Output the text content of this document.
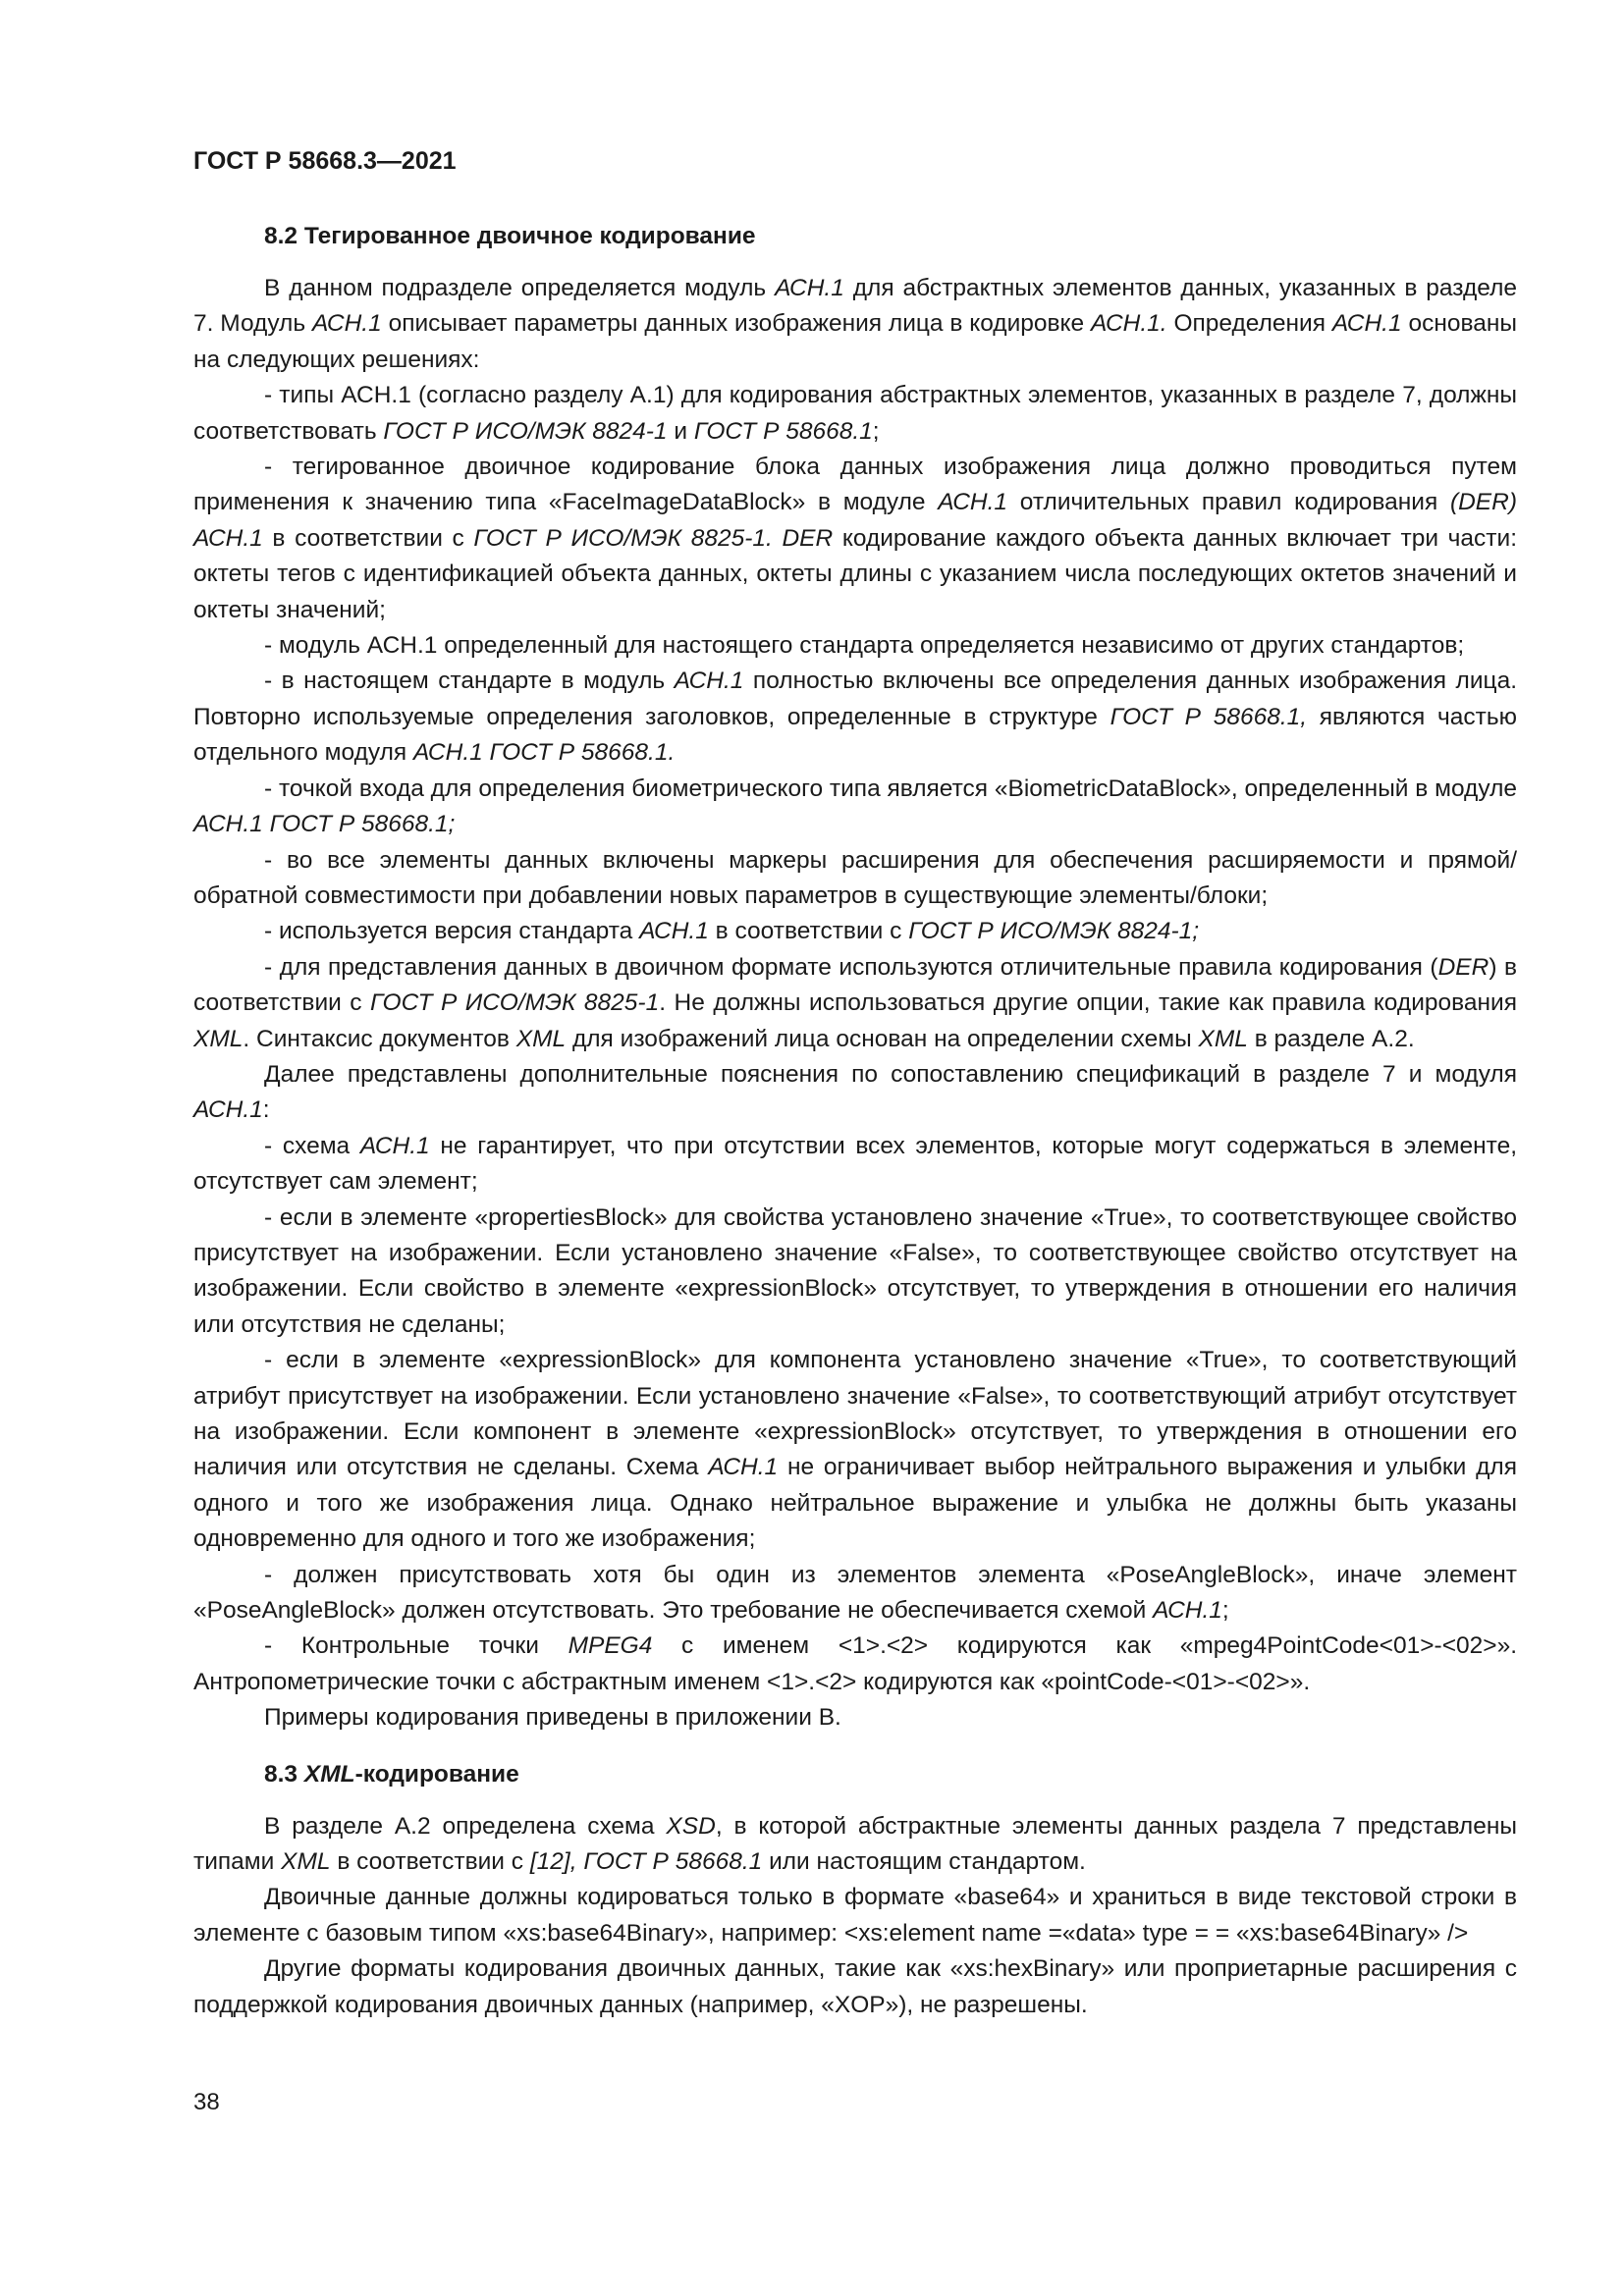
ГОСТ Р 58668.3—2021

8.2 Тегированное двоичное кодирование

В данном подразделе определяется модуль АСН.1 для абстрактных элементов данных, указанных в разделе 7. Модуль АСН.1 описывает параметры данных изображения лица в кодировке АСН.1. Определения АСН.1 основаны на следующих решениях:

- типы АСН.1 (согласно разделу А.1) для кодирования абстрактных элементов, указанных в разделе 7, должны соответствовать ГОСТ Р ИСО/МЭК 8824-1 и ГОСТ Р 58668.1;

- тегированное двоичное кодирование блока данных изображения лица должно проводиться путем применения к значению типа «FaceImageDataBlock» в модуле АСН.1 отличительных правил кодирования (DER) АСН.1 в соответствии с ГОСТ Р ИСО/МЭК 8825-1. DER кодирование каждого объекта данных включает три части: октеты тегов с идентификацией объекта данных, октеты длины с указанием числа последующих октетов значений и октеты значений;

- модуль АСН.1 определенный для настоящего стандарта определяется независимо от других стандартов;

- в настоящем стандарте в модуль АСН.1 полностью включены все определения данных изображения лица. Повторно используемые определения заголовков, определенные в структуре ГОСТ Р 58668.1, являются частью отдельного модуля АСН.1 ГОСТ Р 58668.1.

- точкой входа для определения биометрического типа является «BiometricDataBlock», определенный в модуле АСН.1 ГОСТ Р 58668.1;

- во все элементы данных включены маркеры расширения для обеспечения расширяемости и прямой/обратной совместимости при добавлении новых параметров в существующие элементы/блоки;

- используется версия стандарта АСН.1 в соответствии с ГОСТ Р ИСО/МЭК 8824-1;

- для представления данных в двоичном формате используются отличительные правила кодирования (DER) в соответствии с ГОСТ Р ИСО/МЭК 8825-1. Не должны использоваться другие опции, такие как правила кодирования XML. Синтаксис документов XML для изображений лица основан на определении схемы XML в разделе А.2.

Далее представлены дополнительные пояснения по сопоставлению спецификаций в разделе 7 и модуля АСН.1:

- схема АСН.1 не гарантирует, что при отсутствии всех элементов, которые могут содержаться в элементе, отсутствует сам элемент;

- если в элементе «propertiesBlock» для свойства установлено значение «True», то соответствующее свойство присутствует на изображении. Если установлено значение «False», то соответствующее свойство отсутствует на изображении. Если свойство в элементе «expressionBlock» отсутствует, то утверждения в отношении его наличия или отсутствия не сделаны;

- если в элементе «expressionBlock» для компонента установлено значение «True», то соответствующий атрибут присутствует на изображении. Если установлено значение «False», то соответствующий атрибут отсутствует на изображении. Если компонент в элементе «expressionBlock» отсутствует, то утверждения в отношении его наличия или отсутствия не сделаны. Схема АСН.1 не ограничивает выбор нейтрального выражения и улыбки для одного и того же изображения лица. Однако нейтральное выражение и улыбка не должны быть указаны одновременно для одного и того же изображения;

- должен присутствовать хотя бы один из элементов элемента «PoseAngleBlock», иначе элемент «PoseAngleBlock» должен отсутствовать. Это требование не обеспечивается схемой АСН.1;

- Контрольные точки MPEG4 с именем <1>.<2> кодируются как «mpeg4PointCode<01>-<02>». Антропометрические точки с абстрактным именем <1>.<2> кодируются как «pointCode-<01>-<02>».

Примеры кодирования приведены в приложении В.

8.3 XML-кодирование

В разделе А.2 определена схема XSD, в которой абстрактные элементы данных раздела 7 представлены типами XML в соответствии с [12], ГОСТ Р 58668.1 или настоящим стандартом.

Двоичные данные должны кодироваться только в формате «base64» и храниться в виде текстовой строки в элементе с базовым типом «xs:base64Binary», например: <xs:element name =«data» type = = «xs:base64Binary» />

Другие форматы кодирования двоичных данных, такие как «xs:hexBinary» или проприетарные расширения с поддержкой кодирования двоичных данных (например, «XOP»), не разрешены.

38
